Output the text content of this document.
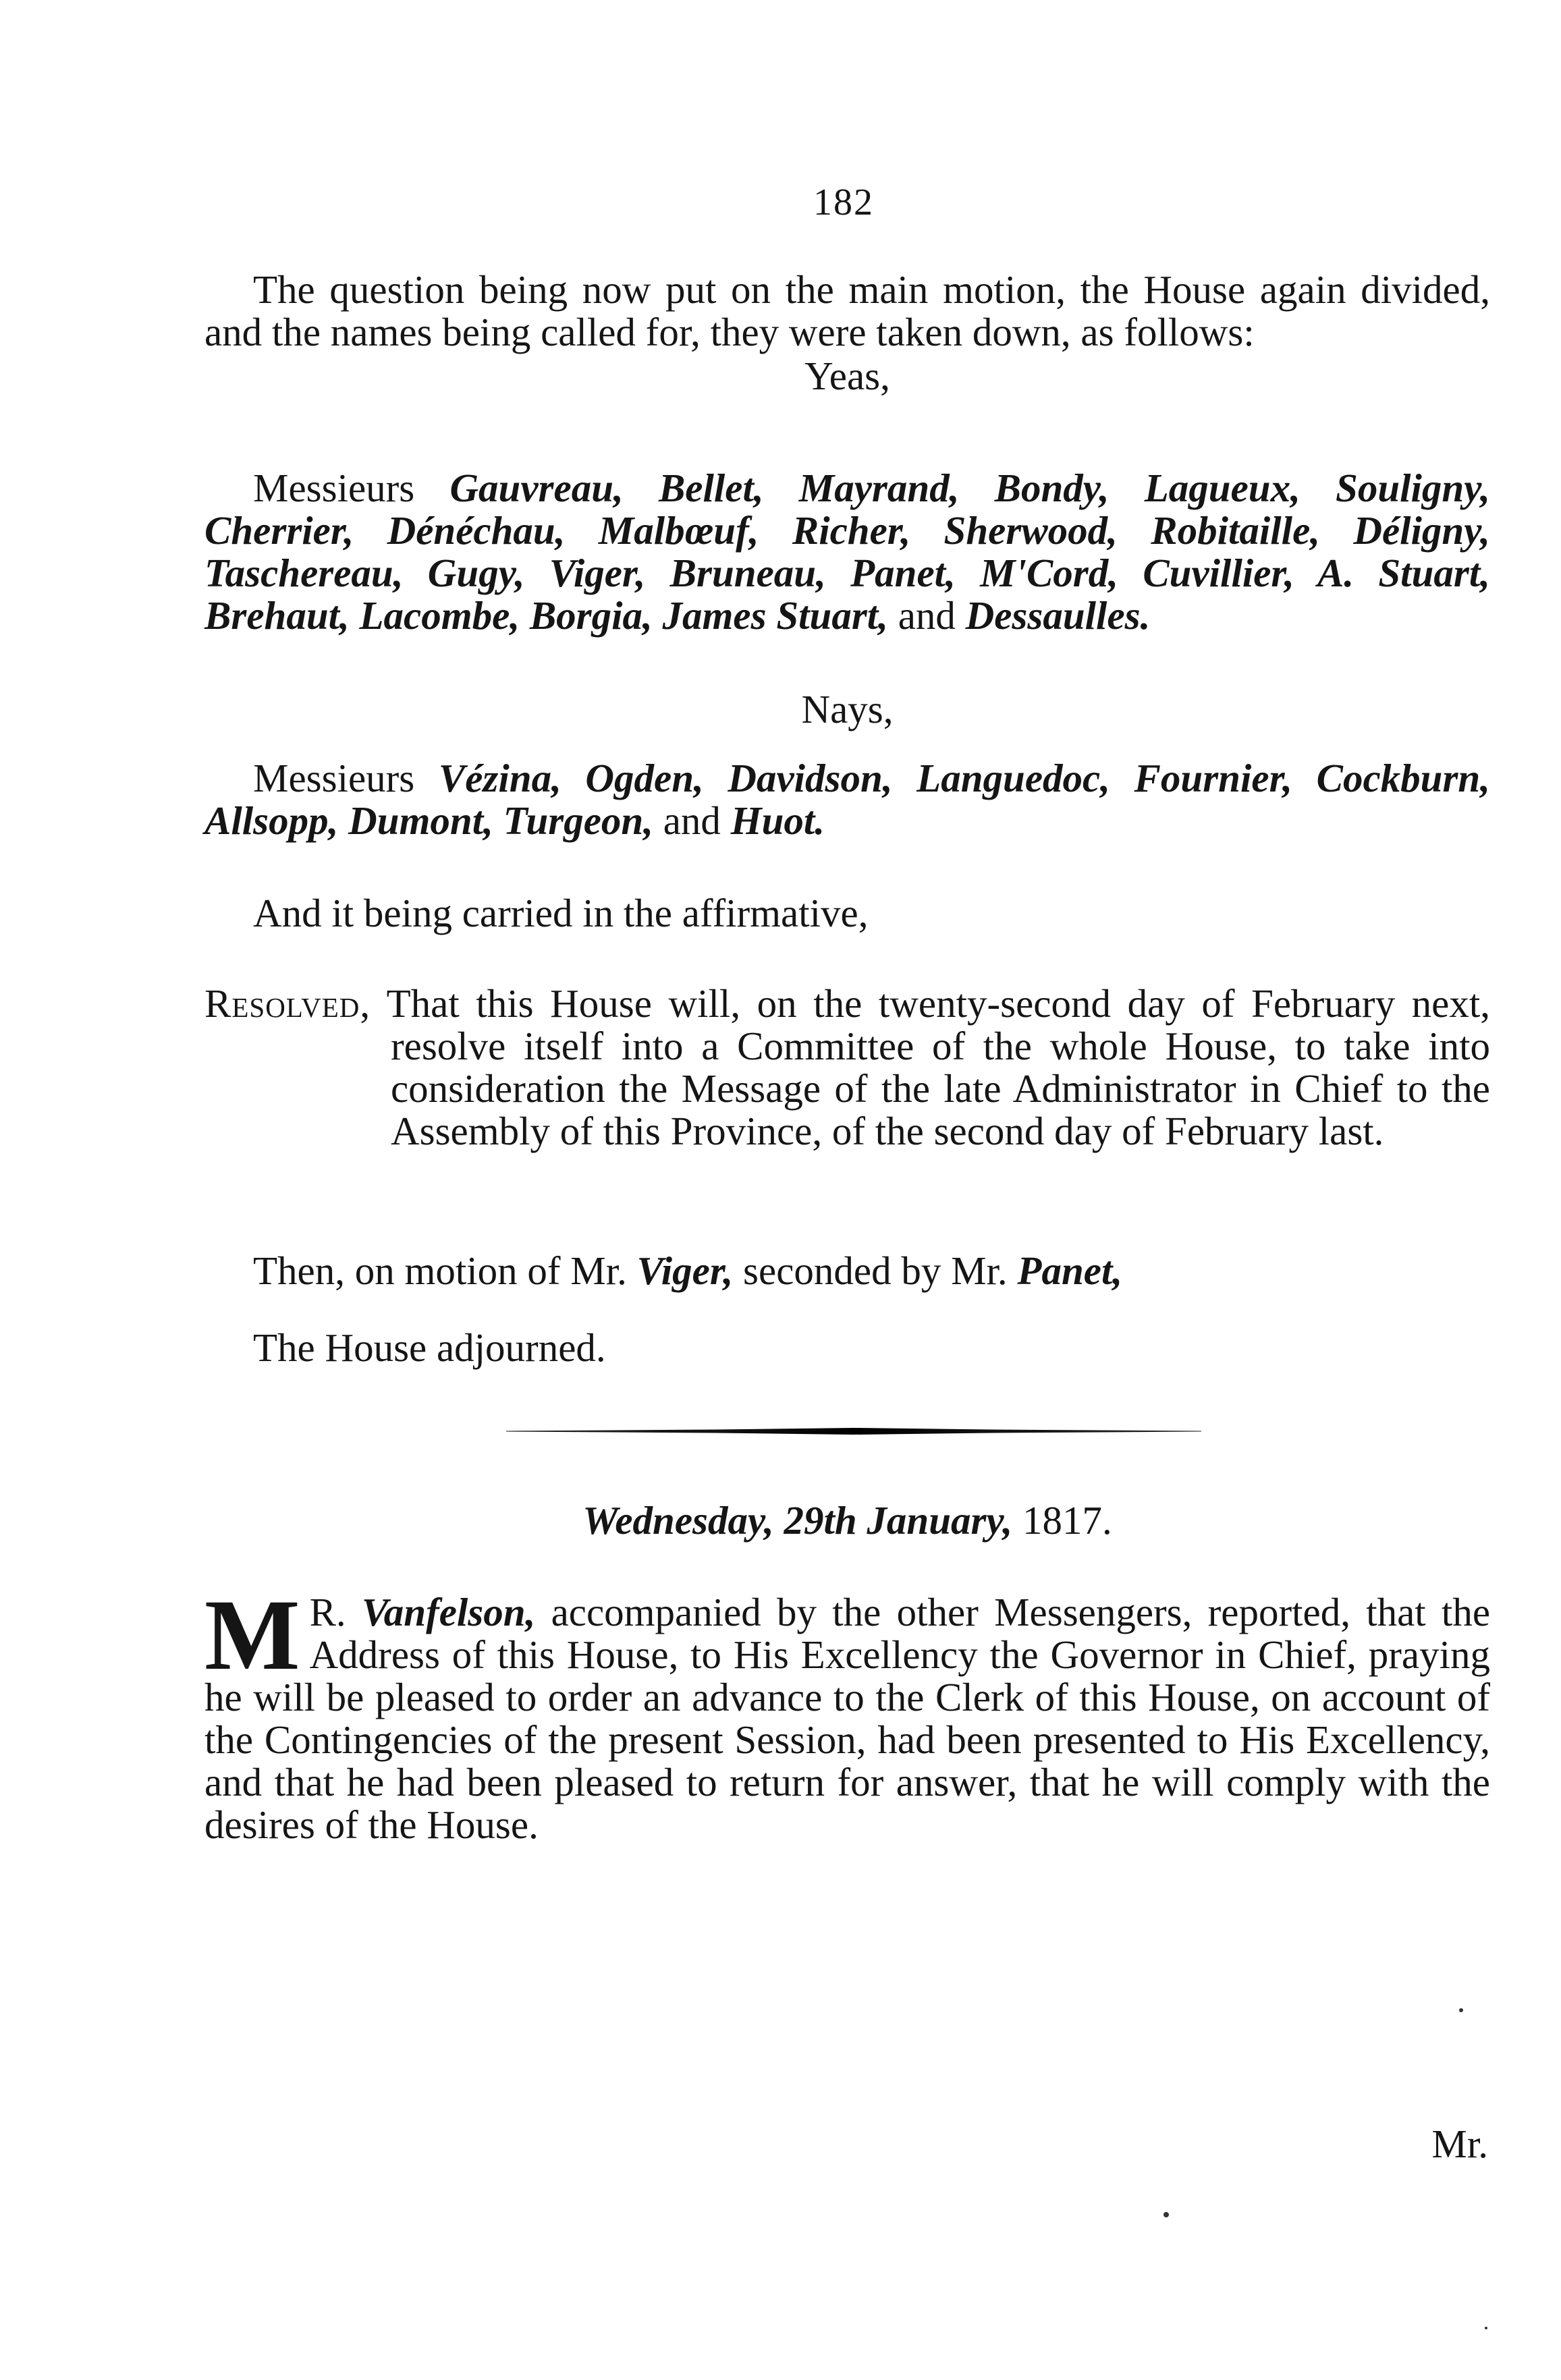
182

The question being now put on the main motion, the House again divided, and the names being called for, they were taken down, as follows:

Yeas,

Messieurs Gauvreau, Bellet, Mayrand, Bondy, Lagueux, Souligny, Cherrier, Dénéchau, Malbœuf, Richer, Sherwood, Robitaille, Déligny, Taschereau, Gugy, Viger, Bruneau, Panet, M'Cord, Cuvillier, A. Stuart, Brehaut, Lacombe, Borgia, James Stuart, and Dessaulles.

Nays,

Messieurs Vézina, Ogden, Davidson, Languedoc, Fournier, Cockburn, Allsopp, Dumont, Turgeon, and Huot.

And it being carried in the affirmative,

Resolved, That this House will, on the twenty-second day of February next, resolve itself into a Committee of the whole House, to take into consideration the Message of the late Administrator in Chief to the Assembly of this Province, of the second day of February last.

Then, on motion of Mr. Viger, seconded by Mr. Panet,

The House adjourned.

Wednesday, 29th January, 1817.

M R. Vanfelson, accompanied by the other Messengers, reported, that the Address of this House, to His Excellency the Governor in Chief, praying he will be pleased to order an advance to the Clerk of this House, on account of the Contingencies of the present Session, had been presented to His Excellency, and that he had been pleased to return for answer, that he will comply with the desires of the House.

Mr.
